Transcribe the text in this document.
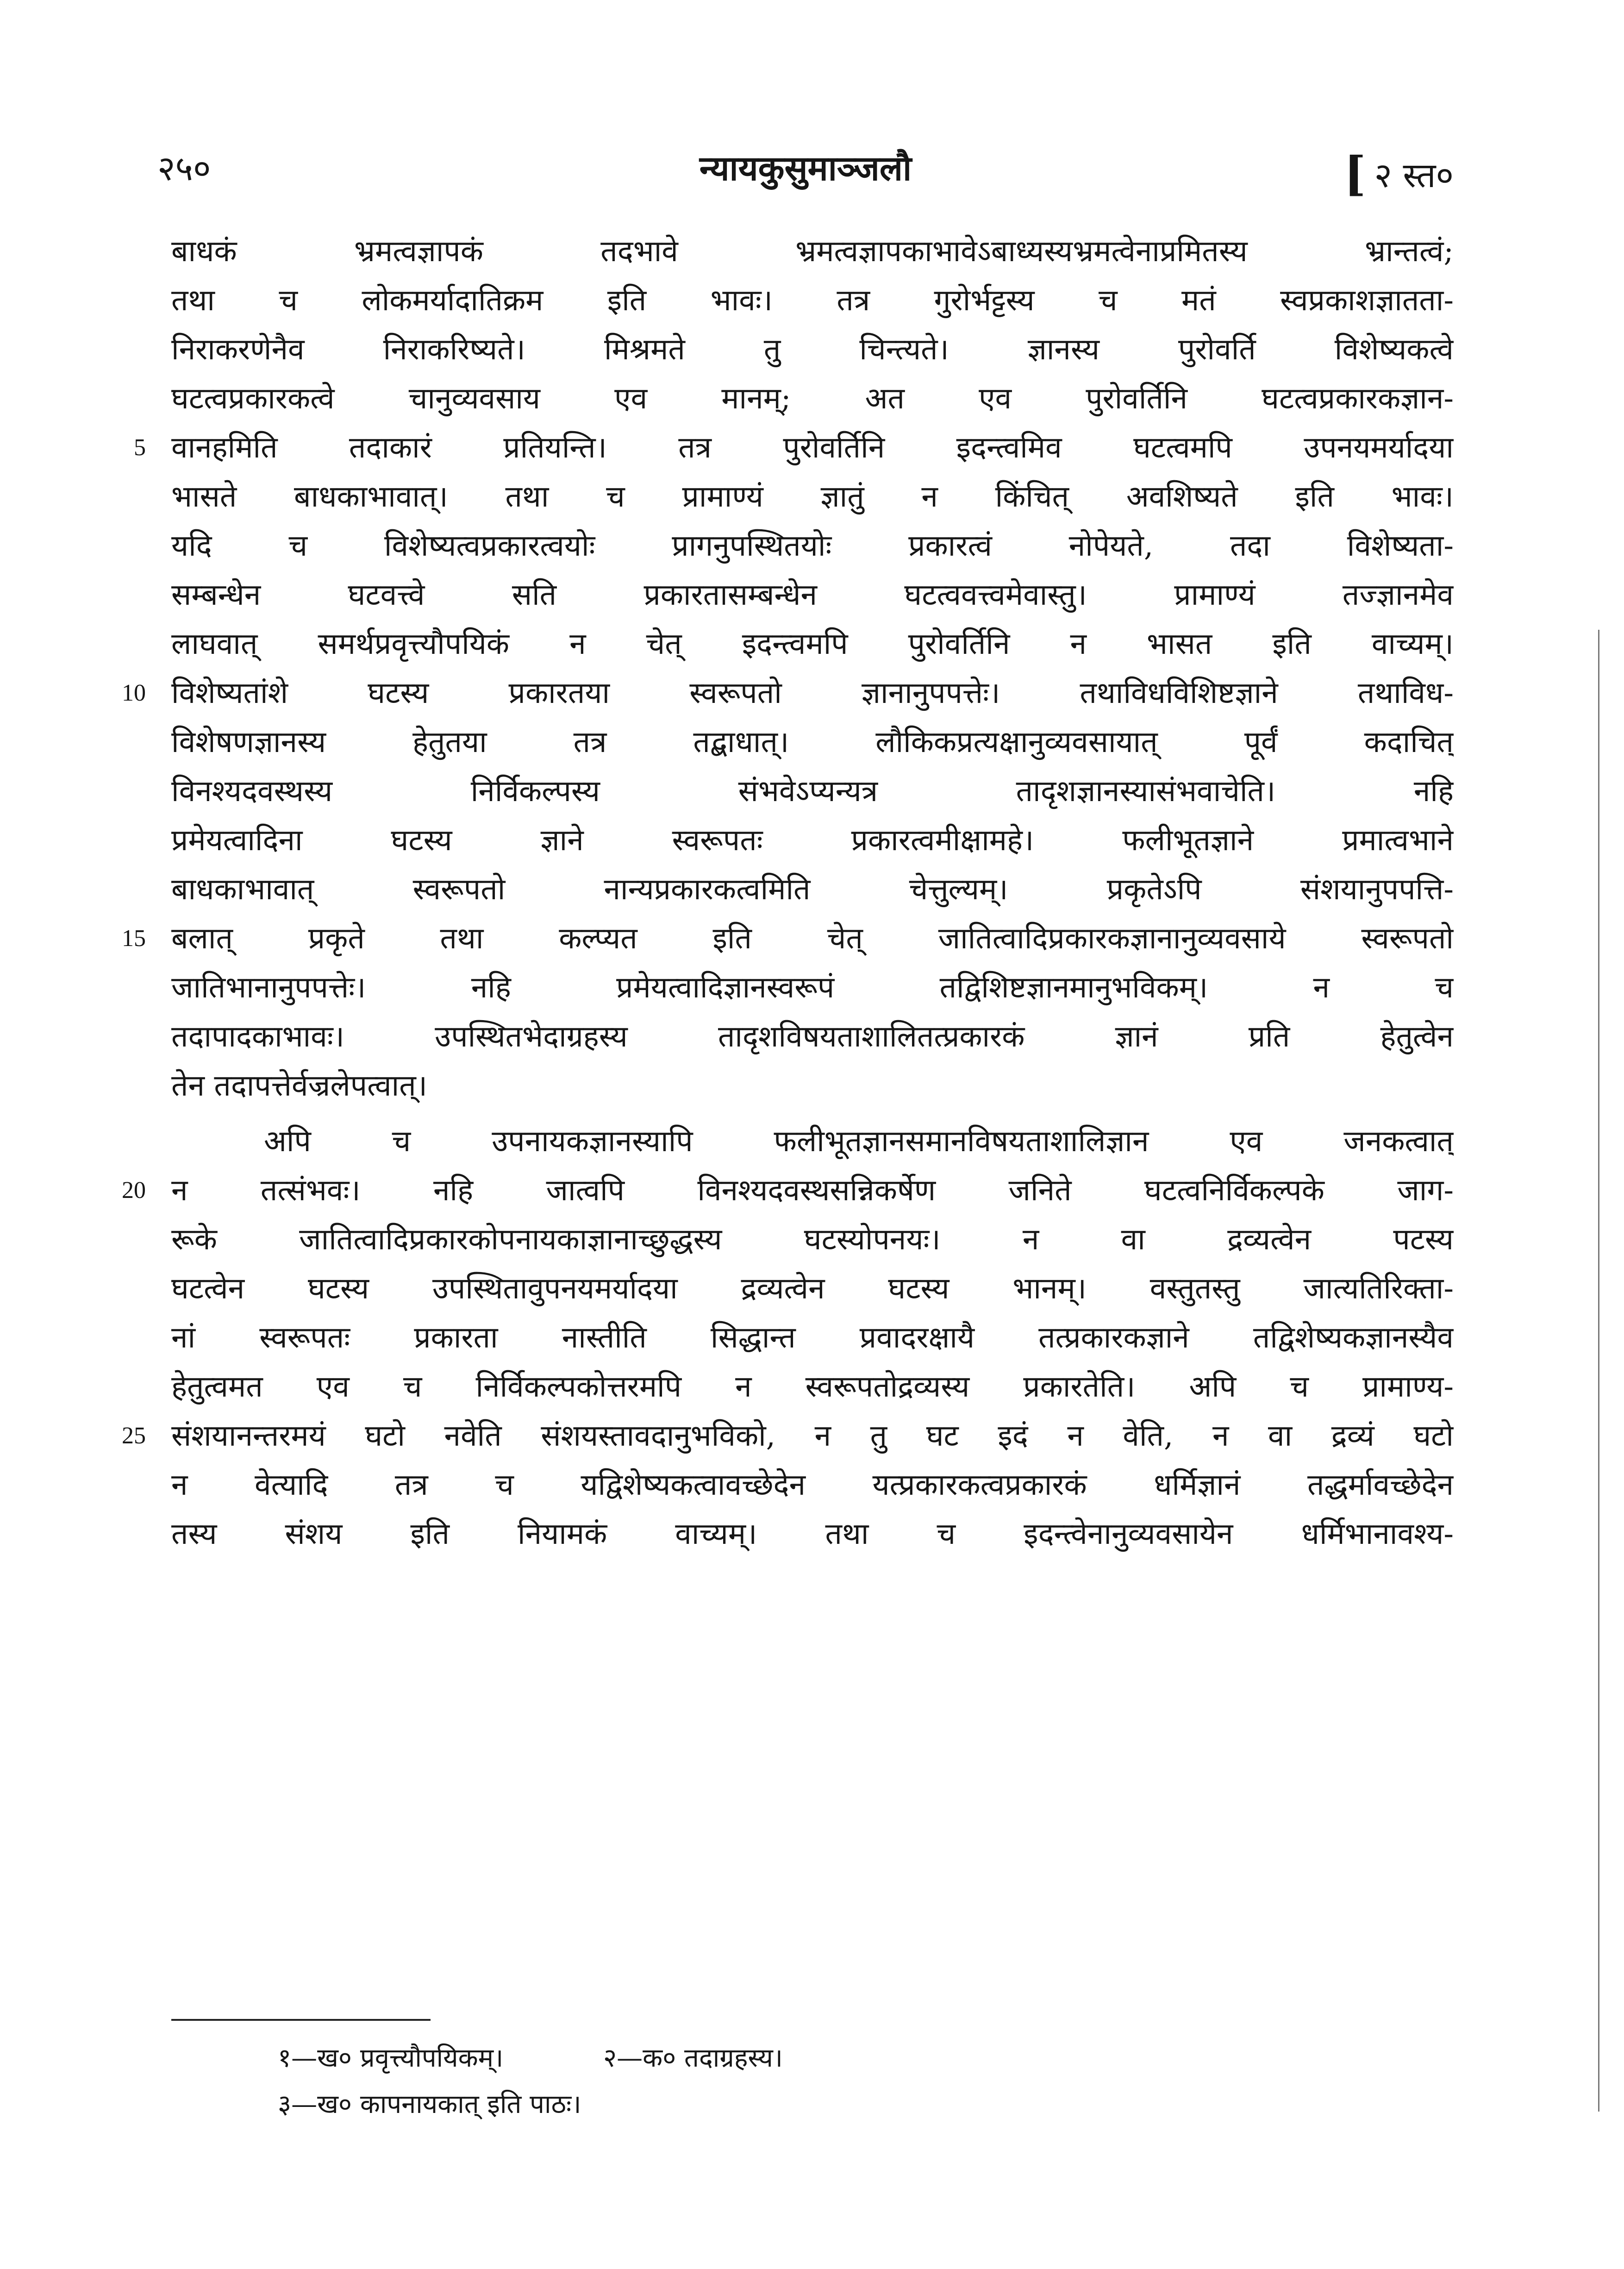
२५०	न्यायकुसुमाञ्जलौ	[ २ स्त०
5
10
15
20
25
बाधकं भ्रमत्वज्ञापकं तदभावे भ्रमत्वज्ञापकाभावेऽबाध्यस्यभ्रमत्वेनाप्रमितस्य भ्रान्तत्वं;
तथा च लोकमर्यादातिक्रम इति भावः। तत्र गुरोर्भट्टस्य च मतं स्वप्रकाशज्ञातता-
निराकरणेनैव निराकरिष्यते। मिश्रमते तु चिन्त्यते। ज्ञानस्य पुरोवर्ति विशेष्यकत्वे
घटत्वप्रकारकत्वे चानुव्यवसाय एव मानम्; अत एव पुरोवर्तिनि घटत्वप्रकारकज्ञान-
वानहमिति तदाकारं प्रतियन्ति। तत्र पुरोवर्तिनि इदन्त्वमिव घटत्वमपि उपनयमर्यादया
भासते बाधकाभावात्। तथा च प्रामाण्यं ज्ञातुं न किंचित् अवशिष्यते इति भावः।
यदि च विशेष्यत्वप्रकारत्वयोः प्रागनुपस्थितयोः प्रकारत्वं नोपेयते, तदा विशेष्यता-
सम्बन्धेन घटवत्त्वे सति प्रकारतासम्बन्धेन घटत्ववत्त्वमेवास्तु। प्रामाण्यं तज्ज्ञानमेव
लाघवात् समर्थप्रवृत्त्यौपयिकं न चेत् इदन्त्वमपि पुरोवर्तिनि न भासत इति वाच्यम्।
विशेष्यतांशे घटस्य प्रकारतया स्वरूपतो ज्ञानानुपपत्तेः। तथाविधविशिष्टज्ञाने तथाविध-
विशेषणज्ञानस्य हेतुतया तत्र तद्बाधात्। लौकिकप्रत्यक्षानुव्यवसायात् पूर्वं कदाचित्
विनश्यदवस्थस्य निर्विकल्पस्य संभवेऽप्यन्यत्र तादृशज्ञानस्यासंभवाचेति। नहि
प्रमेयत्वादिना घटस्य ज्ञाने स्वरूपतः प्रकारत्वमीक्षामहे। फलीभूतज्ञाने प्रमात्वभाने
बाधकाभावात् स्वरूपतो नान्यप्रकारकत्वमिति चेत्तुल्यम्। प्रकृतेऽपि संशयानुपपत्ति-
बलात् प्रकृते तथा कल्प्यत इति चेत् जातित्वादिप्रकारकज्ञानानुव्यवसाये स्वरूपतो
जातिभानानुपपत्तेः। नहि प्रमेयत्वादिज्ञानस्वरूपं तद्विशिष्टज्ञानमानुभविकम्। न च
तदापादकाभावः। उपस्थितभेदाग्रहस्य तादृशविषयताशालितत्प्रकारकं ज्ञानं प्रति हेतुत्वेन
तेन तदापत्तेर्वज्रलेपत्वात्।
अपि च उपनायकज्ञानस्यापि फलीभूतज्ञानसमानविषयताशालिज्ञान एव जनकत्वात्
न तत्संभवः। नहि जात्वपि विनश्यदवस्थसन्निकर्षेण जनिते घटत्वनिर्विकल्पके जाग-
रूके जातित्वादिप्रकारकोपनायकाज्ञानाच्छुद्धस्य घटस्योपनयः। न वा द्रव्यत्वेन पटस्य
घटत्वेन घटस्य उपस्थितावुपनयमर्यादया द्रव्यत्वेन घटस्य भानम्। वस्तुतस्तु जात्यतिरिक्ता-
नां स्वरूपतः प्रकारता नास्तीति सिद्धान्त प्रवादरक्षायै तत्प्रकारकज्ञाने तद्विशेष्यकज्ञानस्यैव
हेतुत्वमत एव च निर्विकल्पकोत्तरमपि न स्वरूपतोद्रव्यस्य प्रकारतेति। अपि च प्रामाण्य-
संशयानन्तरमयं घटो नवेति संशयस्तावदानुभविको, न तु घट इदं न वेति, न वा द्रव्यं घटो
न वेत्यादि तत्र च यद्विशेष्यकत्वावच्छेदेन यत्प्रकारकत्वप्रकारकं धर्मिज्ञानं तद्धर्मावच्छेदेन
तस्य संशय इति नियामकं वाच्यम्। तथा च इदन्त्वेनानुव्यवसायेन धर्मिभानावश्य-
१—ख० प्रवृत्त्यौपयिकम्।	२—क० तदाग्रहस्य।
३—ख० कापनायकात् इति पाठः।
